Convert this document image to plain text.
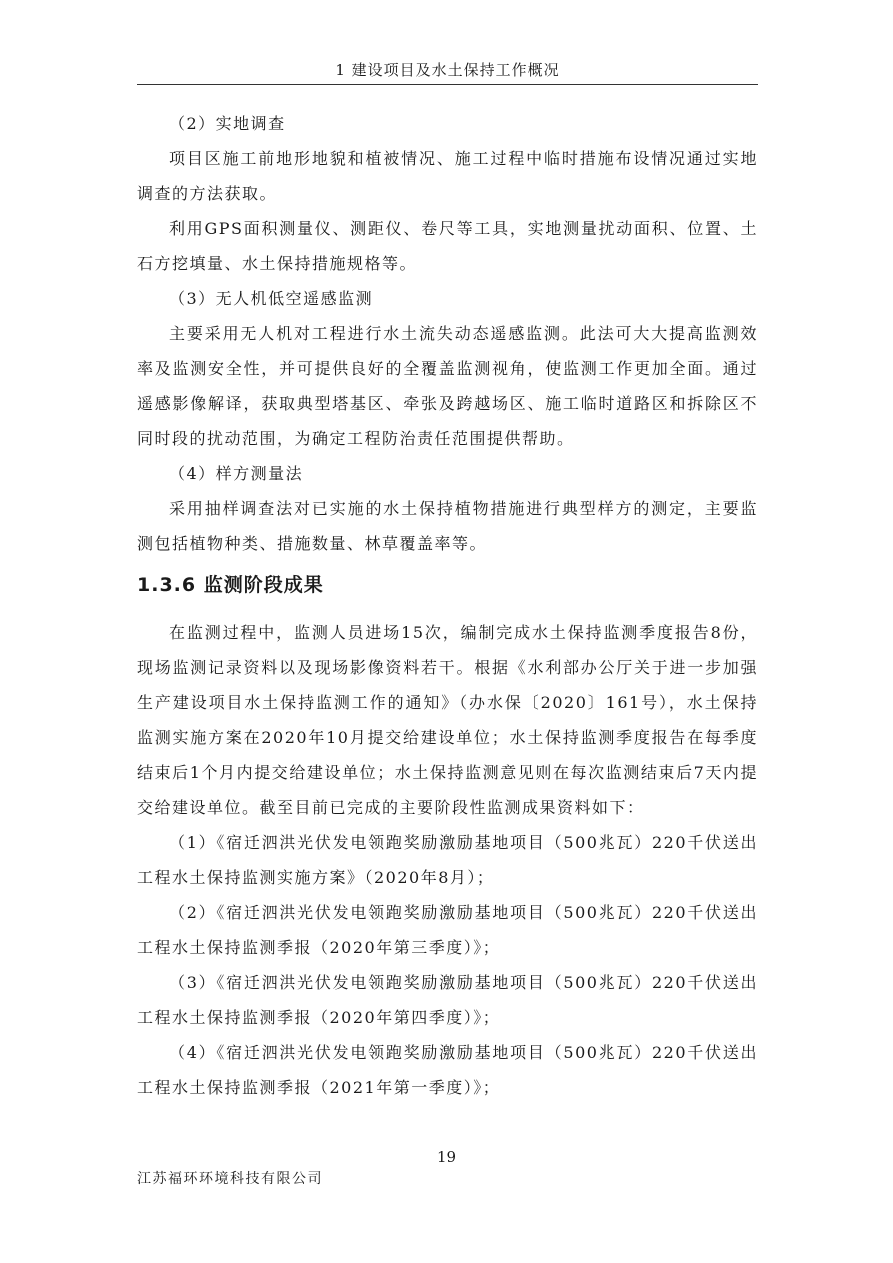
1 建设项目及水土保持工作概况

（2）实地调查

项目区施工前地形地貌和植被情况、施工过程中临时措施布设情况通过实地调查的方法获取。

利用GPS面积测量仪、测距仪、卷尺等工具，实地测量扰动面积、位置、土石方挖填量、水土保持措施规格等。

（3）无人机低空遥感监测

主要采用无人机对工程进行水土流失动态遥感监测。此法可大大提高监测效率及监测安全性，并可提供良好的全覆盖监测视角，使监测工作更加全面。通过遥感影像解译，获取典型塔基区、牵张及跨越场区、施工临时道路区和拆除区不同时段的扰动范围，为确定工程防治责任范围提供帮助。

（4）样方测量法

采用抽样调查法对已实施的水土保持植物措施进行典型样方的测定，主要监测包括植物种类、措施数量、林草覆盖率等。

1.3.6 监测阶段成果

在监测过程中，监测人员进场15次，编制完成水土保持监测季度报告8份，现场监测记录资料以及现场影像资料若干。根据《水利部办公厅关于进一步加强生产建设项目水土保持监测工作的通知》（办水保〔2020〕161号），水土保持监测实施方案在2020年10月提交给建设单位；水土保持监测季度报告在每季度结束后1个月内提交给建设单位；水土保持监测意见则在每次监测结束后7天内提交给建设单位。截至目前已完成的主要阶段性监测成果资料如下：

（1）《宿迁泗洪光伏发电领跑奖励激励基地项目（500兆瓦）220千伏送出工程水土保持监测实施方案》（2020年8月）；

（2）《宿迁泗洪光伏发电领跑奖励激励基地项目（500兆瓦）220千伏送出工程水土保持监测季报（2020年第三季度）》；

（3）《宿迁泗洪光伏发电领跑奖励激励基地项目（500兆瓦）220千伏送出工程水土保持监测季报（2020年第四季度）》；

（4）《宿迁泗洪光伏发电领跑奖励激励基地项目（500兆瓦）220千伏送出工程水土保持监测季报（2021年第一季度）》；

19
江苏福环环境科技有限公司
